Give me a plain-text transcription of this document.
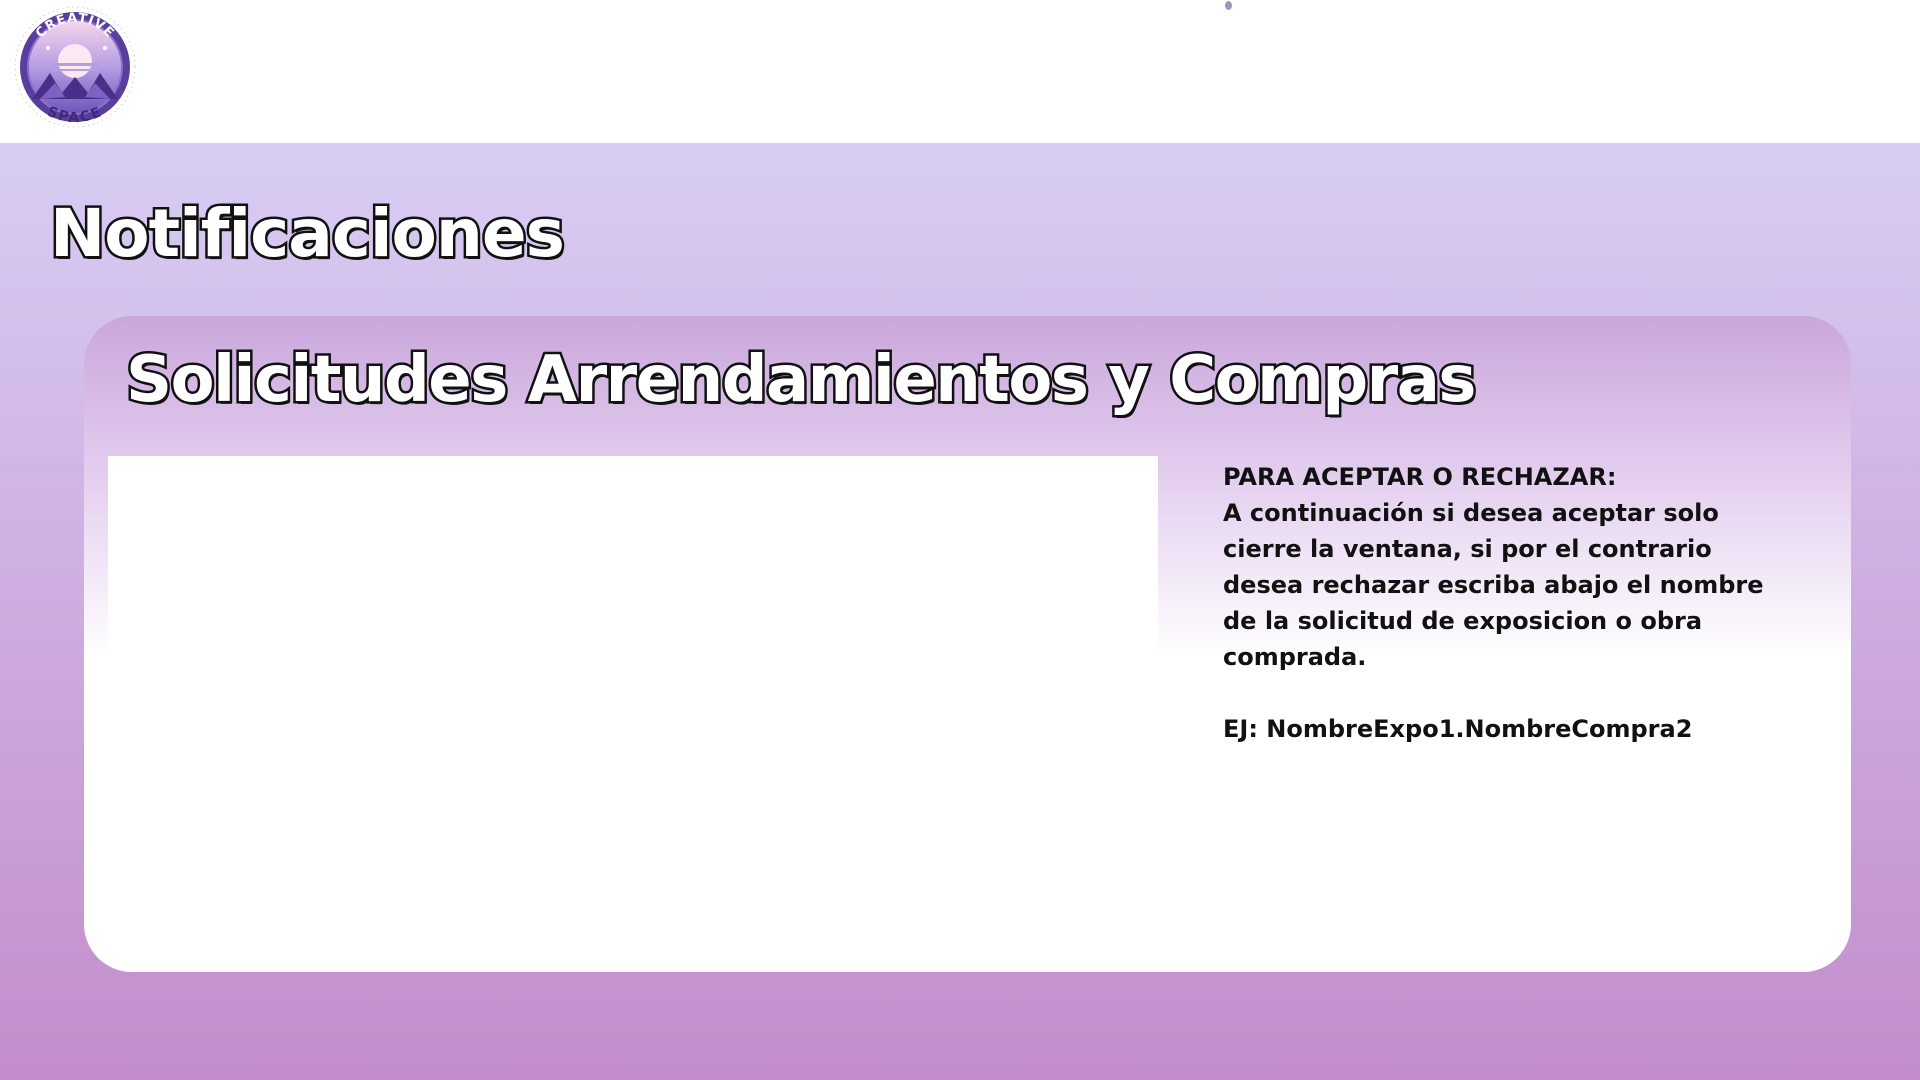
CREATIVE
SPACE
Notificaciones
Solicitudes Arrendamientos y Compras
PARA ACEPTAR O RECHAZAR:
A continuación si desea aceptar solo cierre la ventana, si por el contrario desea rechazar escriba abajo el nombre de la solicitud de exposicion o obra comprada.
EJ: NombreExpo1.NombreCompra2
